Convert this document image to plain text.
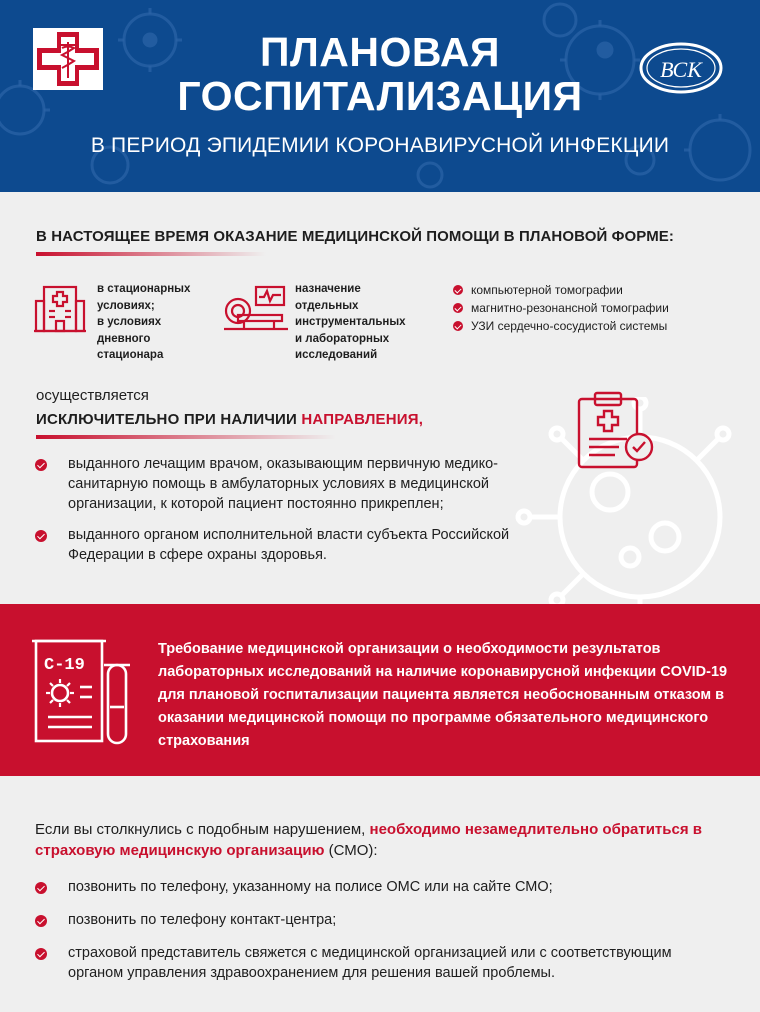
ВСК
ПЛАНОВАЯ
ГОСПИТАЛИЗАЦИЯ
В ПЕРИОД ЭПИДЕМИИ КОРОНАВИРУСНОЙ ИНФЕКЦИИ
В НАСТОЯЩЕЕ ВРЕМЯ ОКАЗАНИЕ МЕДИЦИНСКОЙ ПОМОЩИ В ПЛАНОВОЙ ФОРМЕ:
в стационарных
условиях;
в условиях
дневного
стационара
назначение
отдельных
инструментальных
и лабораторных
исследований
компьютерной томографии
магнитно-резонансной томографии
УЗИ сердечно-сосудистой системы
осуществляется
ИСКЛЮЧИТЕЛЬНО ПРИ НАЛИЧИИ НАПРАВЛЕНИЯ,
выданного лечащим врачом, оказывающим первичную медико-санитарную помощь в амбулаторных условиях в медицинской организации, к которой пациент постоянно прикреплен;
выданного органом исполнительной власти субъекта Российской Федерации в сфере охраны здоровья.
C-19
Требование медицинской организации о необходимости результатов лабораторных исследований на наличие коронавирусной инфекции COVID-19 для плановой госпитализации пациента является необоснованным отказом в оказании медицинской помощи по программе обязательного медицинского страхования
Если вы столкнулись с подобным нарушением, необходимо незамедлительно обратиться в страховую медицинскую организацию (СМО):
позвонить по телефону, указанному на полисе ОМС или на сайте СМО;
позвонить по телефону контакт-центра;
страховой представитель свяжется с медицинской организацией или с соответствующим органом управления здравоохранением для решения вашей проблемы.
